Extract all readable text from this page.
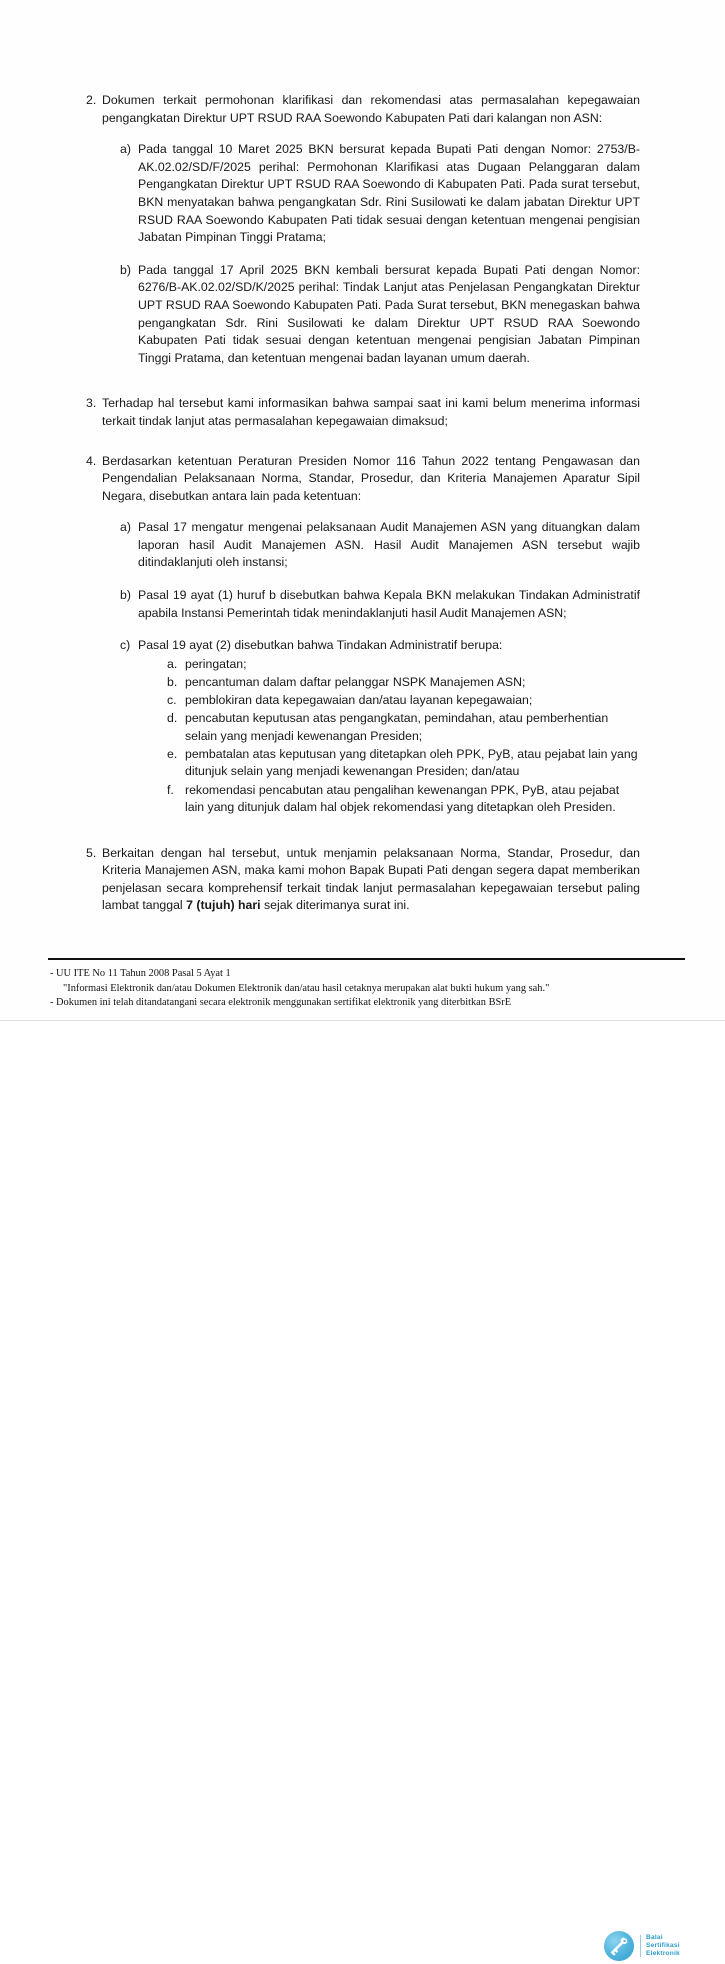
2. Dokumen terkait permohonan klarifikasi dan rekomendasi atas permasalahan kepegawaian pengangkatan Direktur UPT RSUD RAA Soewondo Kabupaten Pati dari kalangan non ASN:
a) Pada tanggal 10 Maret 2025 BKN bersurat kepada Bupati Pati dengan Nomor: 2753/B-AK.02.02/SD/F/2025 perihal: Permohonan Klarifikasi atas Dugaan Pelanggaran dalam Pengangkatan Direktur UPT RSUD RAA Soewondo di Kabupaten Pati. Pada surat tersebut, BKN menyatakan bahwa pengangkatan Sdr. Rini Susilowati ke dalam jabatan Direktur UPT RSUD RAA Soewondo Kabupaten Pati tidak sesuai dengan ketentuan mengenai pengisian Jabatan Pimpinan Tinggi Pratama;
b) Pada tanggal 17 April 2025 BKN kembali bersurat kepada Bupati Pati dengan Nomor: 6276/B-AK.02.02/SD/K/2025 perihal: Tindak Lanjut atas Penjelasan Pengangkatan Direktur UPT RSUD RAA Soewondo Kabupaten Pati. Pada Surat tersebut, BKN menegaskan bahwa pengangkatan Sdr. Rini Susilowati ke dalam Direktur UPT RSUD RAA Soewondo Kabupaten Pati tidak sesuai dengan ketentuan mengenai pengisian Jabatan Pimpinan Tinggi Pratama, dan ketentuan mengenai badan layanan umum daerah.
3. Terhadap hal tersebut kami informasikan bahwa sampai saat ini kami belum menerima informasi terkait tindak lanjut atas permasalahan kepegawaian dimaksud;
4. Berdasarkan ketentuan Peraturan Presiden Nomor 116 Tahun 2022 tentang Pengawasan dan Pengendalian Pelaksanaan Norma, Standar, Prosedur, dan Kriteria Manajemen Aparatur Sipil Negara, disebutkan antara lain pada ketentuan:
a) Pasal 17 mengatur mengenai pelaksanaan Audit Manajemen ASN yang dituangkan dalam laporan hasil Audit Manajemen ASN. Hasil Audit Manajemen ASN tersebut wajib ditindaklanjuti oleh instansi;
b) Pasal 19 ayat (1) huruf b disebutkan bahwa Kepala BKN melakukan Tindakan Administratif apabila Instansi Pemerintah tidak menindaklanjuti hasil Audit Manajemen ASN;
c) Pasal 19 ayat (2) disebutkan bahwa Tindakan Administratif berupa:
a. peringatan;
b. pencantuman dalam daftar pelanggar NSPK Manajemen ASN;
c. pemblokiran data kepegawaian dan/atau layanan kepegawaian;
d. pencabutan keputusan atas pengangkatan, pemindahan, atau pemberhentian selain yang menjadi kewenangan Presiden;
e. pembatalan atas keputusan yang ditetapkan oleh PPK, PyB, atau pejabat lain yang ditunjuk selain yang menjadi kewenangan Presiden; dan/atau
f. rekomendasi pencabutan atau pengalihan kewenangan PPK, PyB, atau pejabat lain yang ditunjuk dalam hal objek rekomendasi yang ditetapkan oleh Presiden.
5. Berkaitan dengan hal tersebut, untuk menjamin pelaksanaan Norma, Standar, Prosedur, dan Kriteria Manajemen ASN, maka kami mohon Bapak Bupati Pati dengan segera dapat memberikan penjelasan secara komprehensif terkait tindak lanjut permasalahan kepegawaian tersebut paling lambat tanggal 7 (tujuh) hari sejak diterimanya surat ini.
- UU ITE No 11 Tahun 2008 Pasal 5 Ayat 1
"Informasi Elektronik dan/atau Dokumen Elektronik dan/atau hasil cetaknya merupakan alat bukti hukum yang sah."
- Dokumen ini telah ditandatangani secara elektronik menggunakan sertifikat elektronik yang diterbitkan BSrE
Balai
Sertifikasi
Elektronik
